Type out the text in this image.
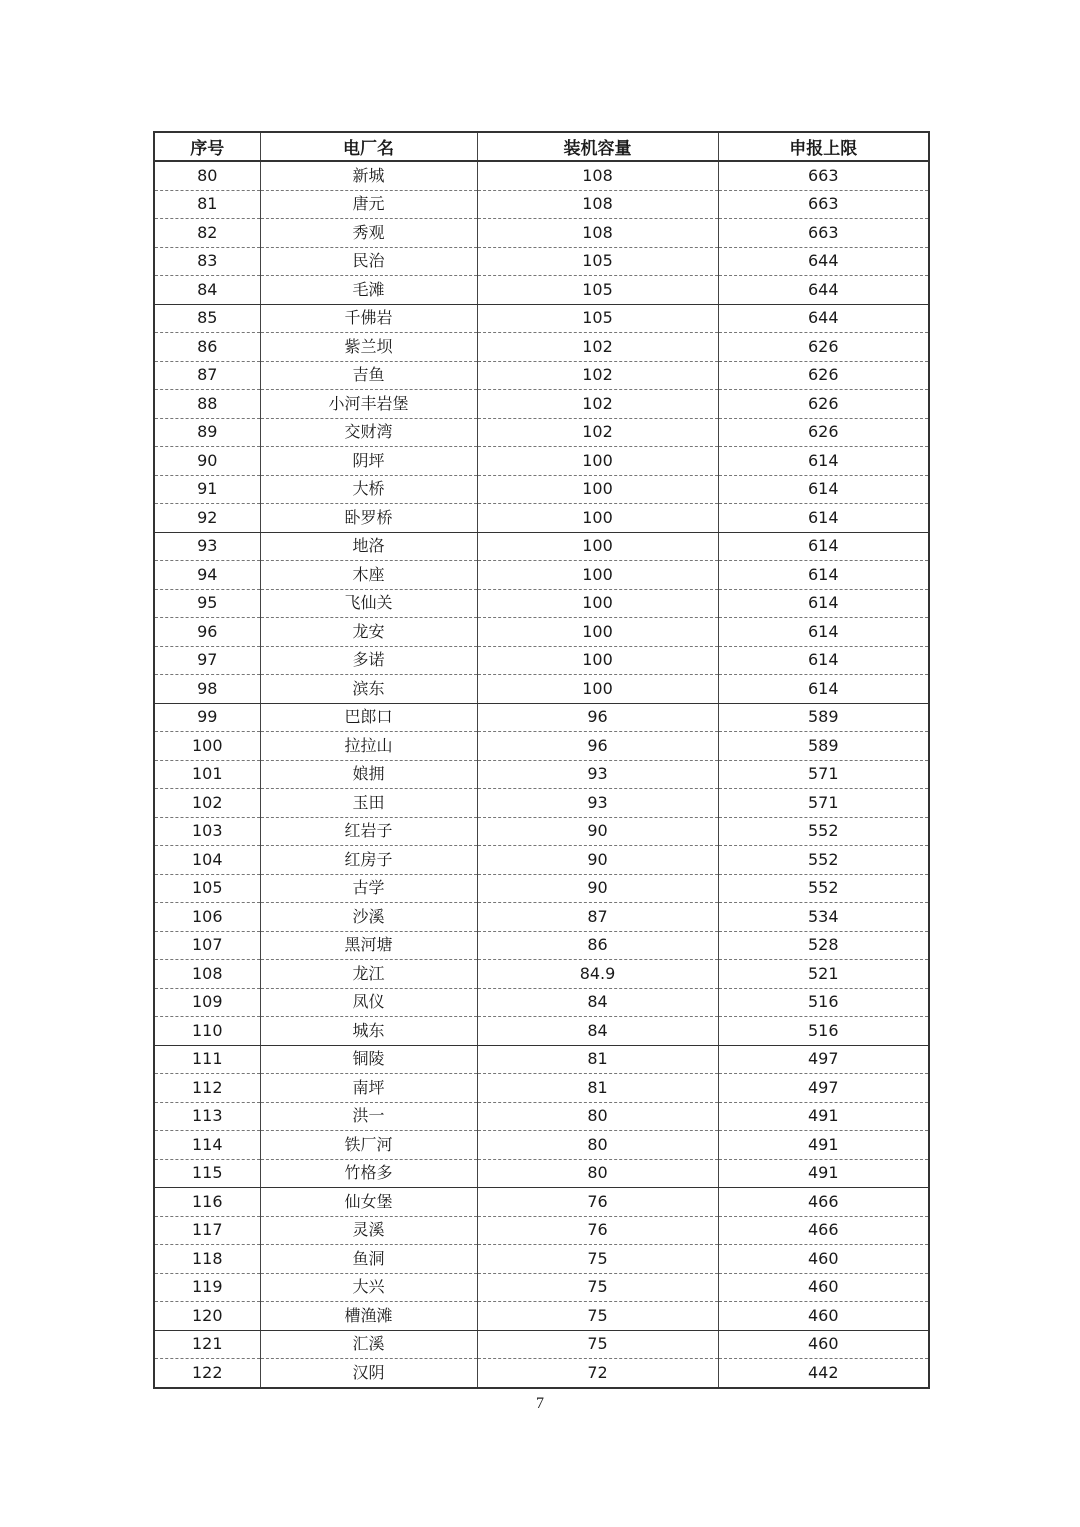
序号	电厂名	装机容量	申报上限
80	新城	108	663
81	唐元	108	663
82	秀观	108	663
83	民治	105	644
84	毛滩	105	644
85	千佛岩	105	644
86	紫兰坝	102	626
87	吉鱼	102	626
88	小河丰岩堡	102	626
89	交财湾	102	626
90	阴坪	100	614
91	大桥	100	614
92	卧罗桥	100	614
93	地洛	100	614
94	木座	100	614
95	飞仙关	100	614
96	龙安	100	614
97	多诺	100	614
98	滨东	100	614
99	巴郎口	96	589
100	拉拉山	96	589
101	娘拥	93	571
102	玉田	93	571
103	红岩子	90	552
104	红房子	90	552
105	古学	90	552
106	沙溪	87	534
107	黑河塘	86	528
108	龙江	84.9	521
109	凤仪	84	516
110	城东	84	516
111	铜陵	81	497
112	南坪	81	497
113	洪一	80	491
114	铁厂河	80	491
115	竹格多	80	491
116	仙女堡	76	466
117	灵溪	76	466
118	鱼洞	75	460
119	大兴	75	460
120	槽渔滩	75	460
121	汇溪	75	460
122	汉阴	72	442
7
